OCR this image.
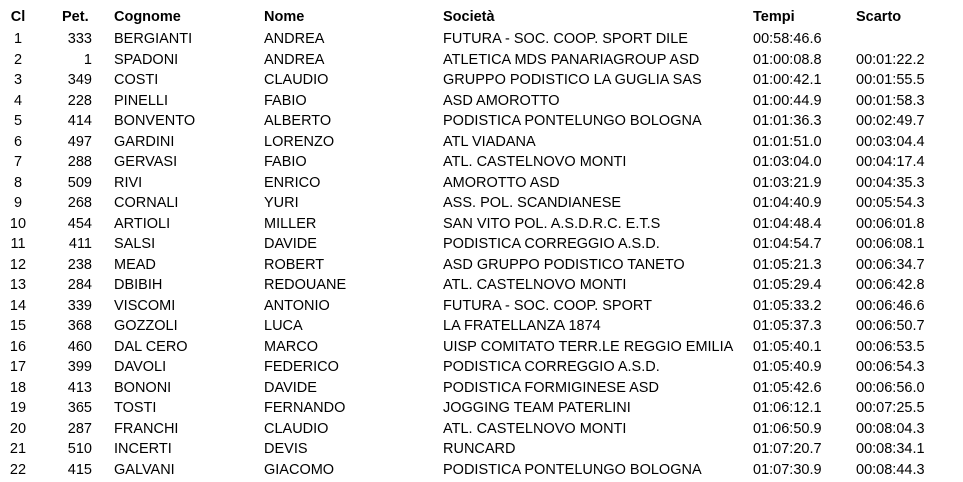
Cl	Pet. Cognome	Nome	Società	Tempi	Scarto
1	333 BERGIANTI	ANDREA	FUTURA - SOC. COOP. SPORT DILE	00:58:46.6
2	1 SPADONI	ANDREA	ATLETICA MDS PANARIAGROUP ASD	01:00:08.8 00:01:22.2
3	349 COSTI	CLAUDIO	GRUPPO PODISTICO LA GUGLIA SAS	01:00:42.1 00:01:55.5
4	228 PINELLI	FABIO	ASD AMOROTTO	01:00:44.9 00:01:58.3
5	414 BONVENTO	ALBERTO	PODISTICA PONTELUNGO BOLOGNA	01:01:36.3 00:02:49.7
6	497 GARDINI	LORENZO	ATL VIADANA	01:01:51.0 00:03:04.4
7	288 GERVASI	FABIO	ATL. CASTELNOVO MONTI	01:03:04.0 00:04:17.4
8	509 RIVI	ENRICO	AMOROTTO ASD	01:03:21.9 00:04:35.3
9	268 CORNALI	YURI	ASS. POL. SCANDIANESE	01:04:40.9 00:05:54.3
10	454 ARTIOLI	MILLER	SAN VITO POL. A.S.D.R.C. E.T.S	01:04:48.4 00:06:01.8
11	411 SALSI	DAVIDE	PODISTICA CORREGGIO A.S.D.	01:04:54.7 00:06:08.1
12	238 MEAD	ROBERT	ASD GRUPPO PODISTICO TANETO	01:05:21.3 00:06:34.7
13	284 DBIBIH	REDOUANE	ATL. CASTELNOVO MONTI	01:05:29.4 00:06:42.8
14	339 VISCOMI	ANTONIO	FUTURA - SOC. COOP. SPORT	01:05:33.2 00:06:46.6
15	368 GOZZOLI	LUCA	LA FRATELLANZA 1874	01:05:37.3 00:06:50.7
16	460 DAL CERO	MARCO	UISP COMITATO TERR.LE REGGIO EMILIA 01:05:40.1 00:06:53.5
17	399 DAVOLI	FEDERICO	PODISTICA CORREGGIO A.S.D.	01:05:40.9 00:06:54.3
18	413 BONONI	DAVIDE	PODISTICA FORMIGINESE ASD	01:05:42.6 00:06:56.0
19	365 TOSTI	FERNANDO	JOGGING TEAM PATERLINI	01:06:12.1 00:07:25.5
20	287 FRANCHI	CLAUDIO	ATL. CASTELNOVO MONTI	01:06:50.9 00:08:04.3
21	510 INCERTI	DEVIS	RUNCARD	01:07:20.7 00:08:34.1
22	415 GALVANI	GIACOMO	PODISTICA PONTELUNGO BOLOGNA	01:07:30.9 00:08:44.3
